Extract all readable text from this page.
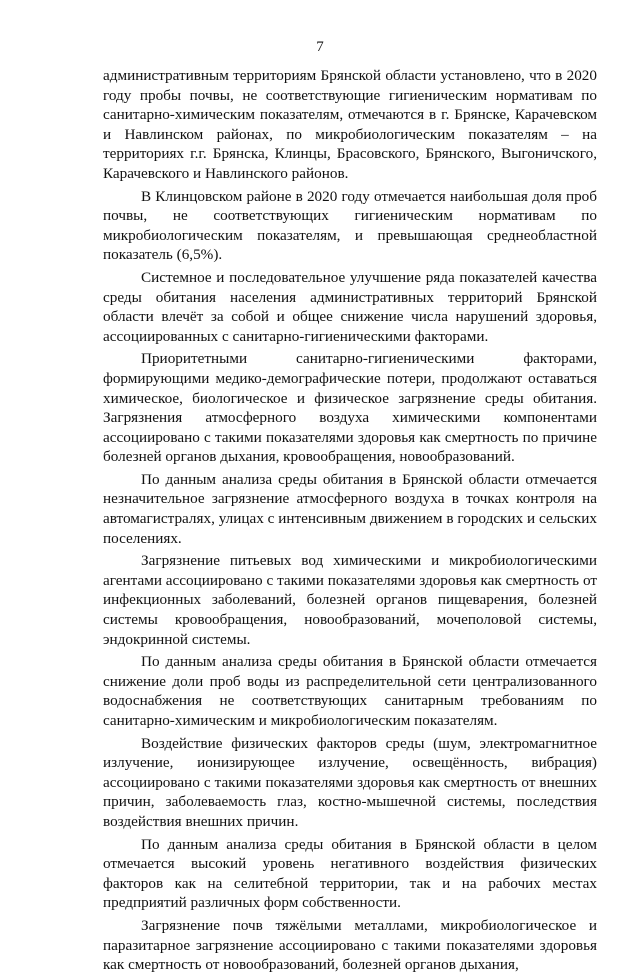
7

административным территориям Брянской области установлено, что в 2020 году пробы почвы, не соответствующие гигиеническим нормативам по санитарно-химическим показателям, отмечаются в г. Брянске, Карачевском и Навлинском районах, по микробиологическим показателям – на территориях г.г. Брянска, Клинцы, Брасовского, Брянского, Выгоничского, Карачевского и Навлинского районов.

В Клинцовском районе в 2020 году отмечается наибольшая доля проб почвы, не соответствующих гигиеническим нормативам по микробиологическим показателям, и превышающая среднеобластной показатель (6,5%).

Системное и последовательное улучшение ряда показателей качества среды обитания населения административных территорий Брянской области влечёт за собой и общее снижение числа нарушений здоровья, ассоциированных с санитарно-гигиеническими факторами.

Приоритетными санитарно-гигиеническими факторами, формирующими медико-демографические потери, продолжают оставаться химическое, биологическое и физическое загрязнение среды обитания. Загрязнения атмосферного воздуха химическими компонентами ассоциировано с такими показателями здоровья как смертность по причине болезней органов дыхания, кровообращения, новообразований.

По данным анализа среды обитания в Брянской области отмечается незначительное загрязнение атмосферного воздуха в точках контроля на автомагистралях, улицах с интенсивным движением в городских и сельских поселениях.

Загрязнение питьевых вод химическими и микробиологическими агентами ассоциировано с такими показателями здоровья как смертность от инфекционных заболеваний, болезней органов пищеварения, болезней системы кровообращения, новообразований, мочеполовой системы, эндокринной системы.

По данным анализа среды обитания в Брянской области отмечается снижение доли проб воды из распределительной сети централизованного водоснабжения не соответствующих санитарным требованиям по санитарно-химическим и микробиологическим показателям.

Воздействие физических факторов среды (шум, электромагнитное излучение, ионизирующее излучение, освещённость, вибрация) ассоциировано с такими показателями здоровья как смертность от внешних причин, заболеваемость глаз, костно-мышечной системы, последствия воздействия внешних причин.

По данным анализа среды обитания в Брянской области в целом отмечается высокий уровень негативного воздействия физических факторов как на селитебной территории, так и на рабочих местах предприятий различных форм собственности.

Загрязнение почв тяжёлыми металлами, микробиологическое и паразитарное загрязнение ассоциировано с такими показателями здоровья как смертность от новообразований, болезней органов дыхания,
